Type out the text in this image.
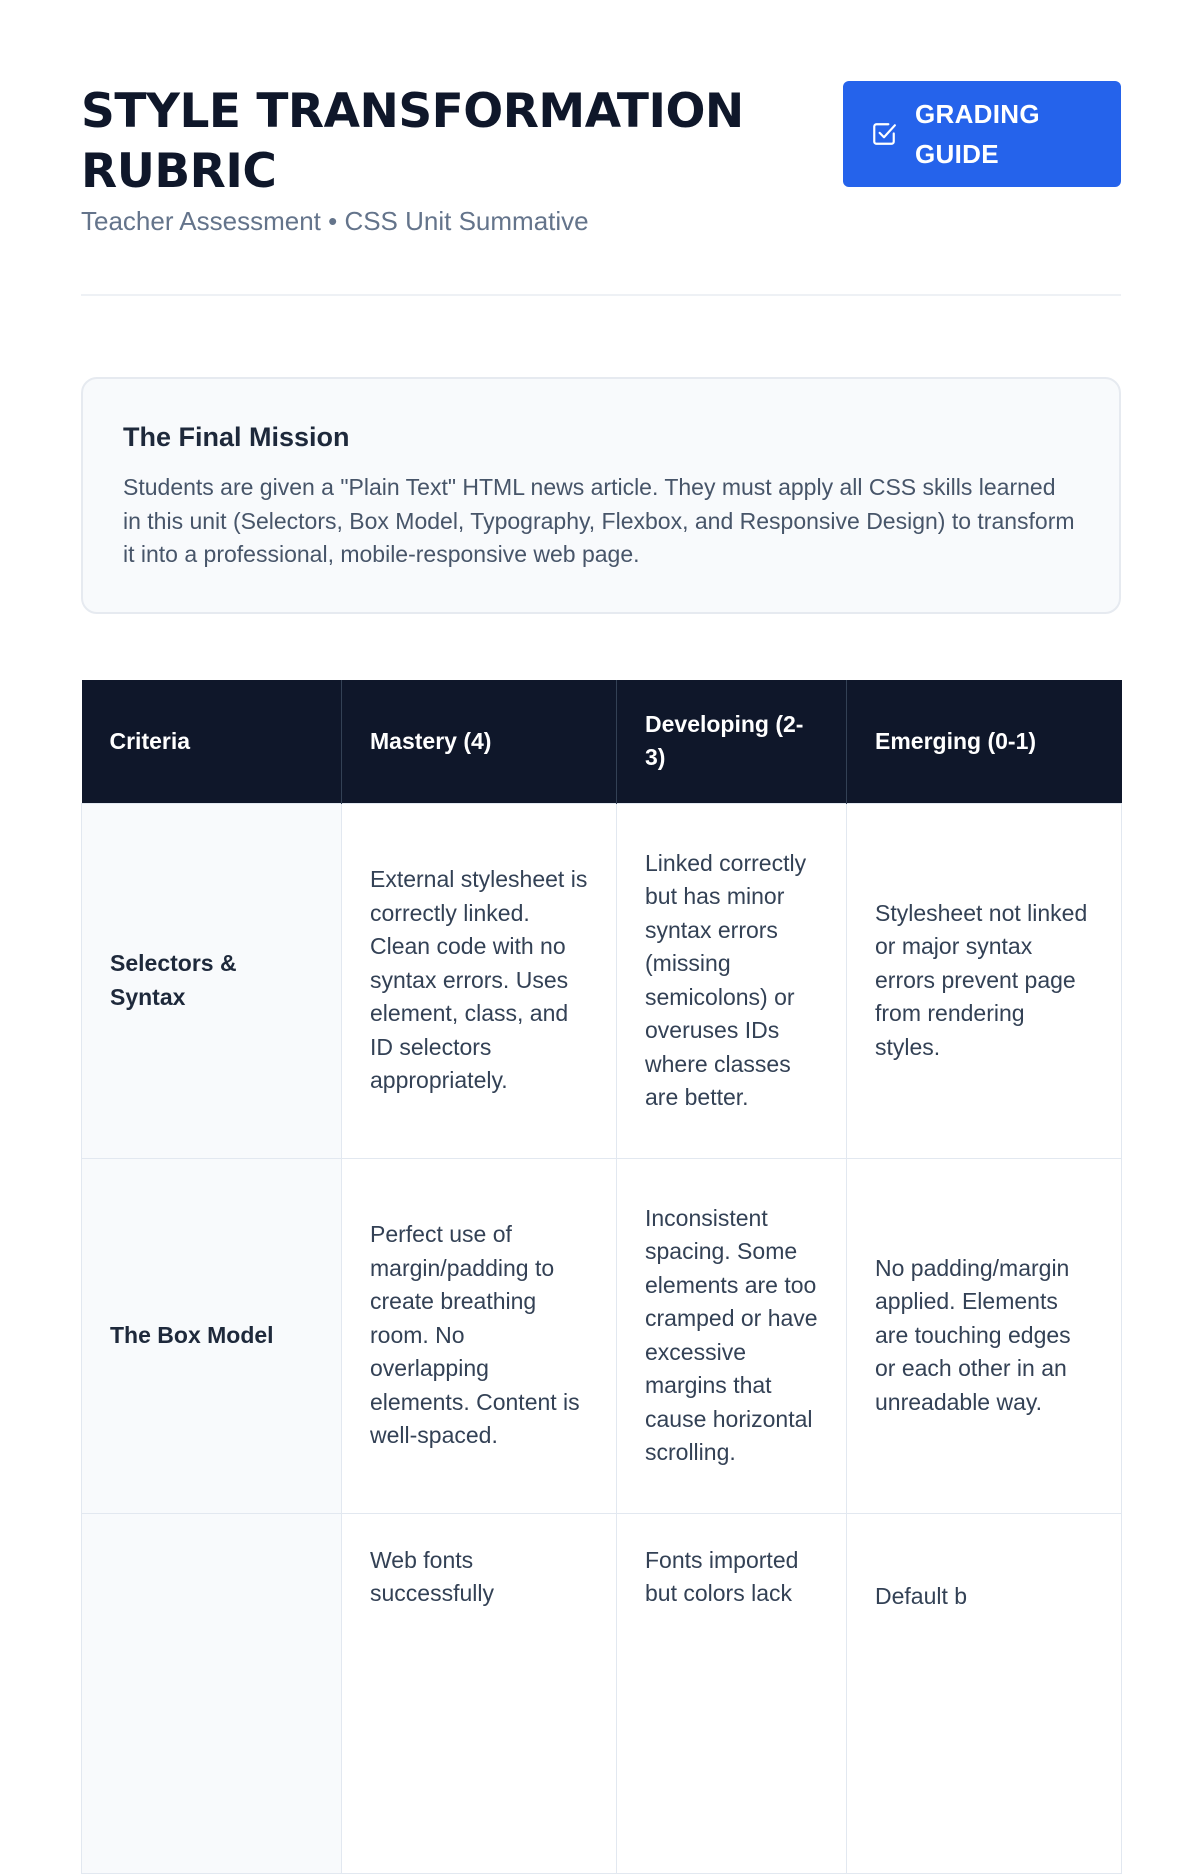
STYLE TRANSFORMATION RUBRIC
Teacher Assessment • CSS Unit Summative
GRADING GUIDE
The Final Mission

Students are given a "Plain Text" HTML news article. They must apply all CSS skills learned in this unit (Selectors, Box Model, Typography, Flexbox, and Responsive Design) to transform it into a professional, mobile-responsive web page.

Criteria	Mastery (4)	Developing (2-3)	Emerging (0-1)
Selectors & Syntax	External stylesheet is correctly linked. Clean code with no syntax errors. Uses element, class, and ID selectors appropriately.	Linked correctly but has minor syntax errors (missing semicolons) or overuses IDs where classes are better.	Stylesheet not linked or major syntax errors prevent page from rendering styles.
The Box Model	Perfect use of margin/padding to create breathing room. No overlapping elements. Content is well-spaced.	Inconsistent spacing. Some elements are too cramped or have excessive margins that cause horizontal scrolling.	No padding/margin applied. Elements are touching edges or each other in an unreadable way.
	Web fonts successfully	Fonts imported but colors lack	Default b
